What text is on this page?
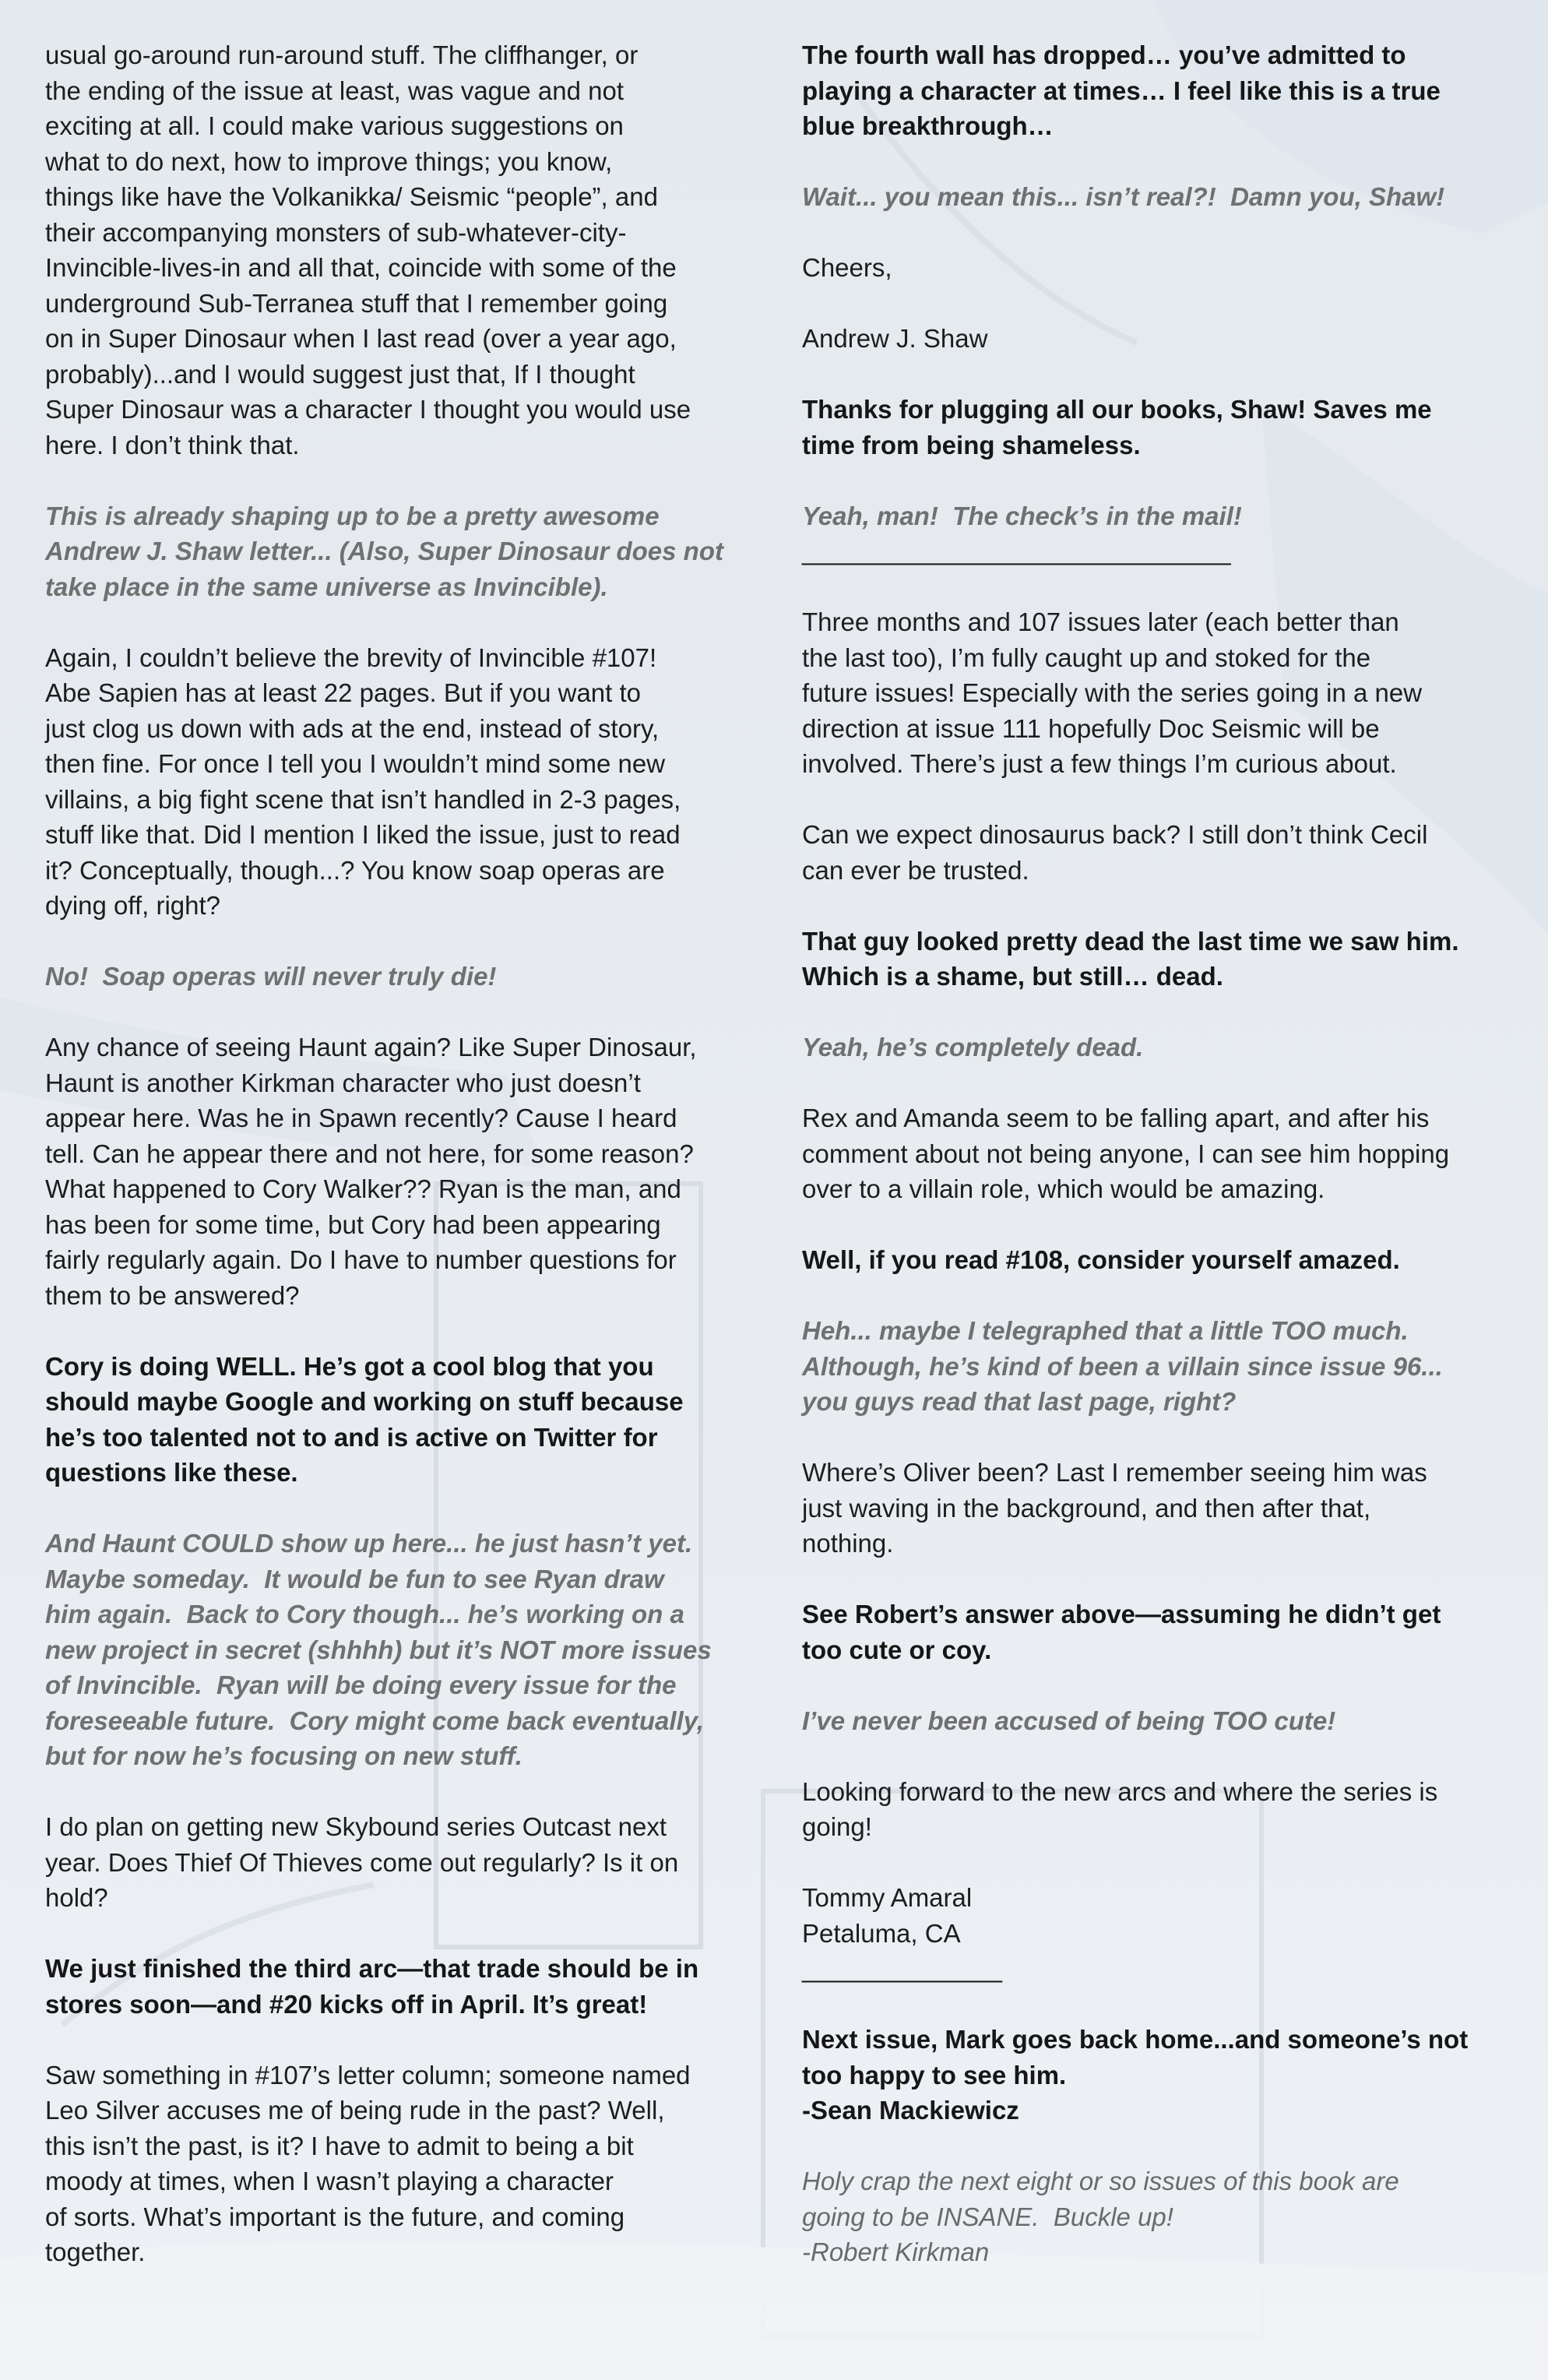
usual go-around run-around stuff. The cliffhanger, or
the ending of the issue at least, was vague and not
exciting at all. I could make various suggestions on
what to do next, how to improve things; you know,
things like have the Volkanikka/ Seismic “people”, and
their accompanying monsters of sub-whatever-city-
Invincible-lives-in and all that, coincide with some of the
underground Sub-Terranea stuff that I remember going
on in Super Dinosaur when I last read (over a year ago,
probably)...and I would suggest just that, If I thought
Super Dinosaur was a character I thought you would use
here. I don’t think that.

This is already shaping up to be a pretty awesome
Andrew J. Shaw letter... (Also, Super Dinosaur does not
take place in the same universe as Invincible).

Again, I couldn’t believe the brevity of Invincible #107!
Abe Sapien has at least 22 pages. But if you want to
just clog us down with ads at the end, instead of story,
then fine. For once I tell you I wouldn’t mind some new
villains, a big fight scene that isn’t handled in 2-3 pages,
stuff like that. Did I mention I liked the issue, just to read
it? Conceptually, though...? You know soap operas are
dying off, right?

No!  Soap operas will never truly die!

Any chance of seeing Haunt again? Like Super Dinosaur,
Haunt is another Kirkman character who just doesn’t
appear here. Was he in Spawn recently? Cause I heard
tell. Can he appear there and not here, for some reason?
What happened to Cory Walker?? Ryan is the man, and
has been for some time, but Cory had been appearing
fairly regularly again. Do I have to number questions for
them to be answered?

Cory is doing WELL. He’s got a cool blog that you
should maybe Google and working on stuff because
he’s too talented not to and is active on Twitter for
questions like these.

And Haunt COULD show up here... he just hasn’t yet.
Maybe someday.  It would be fun to see Ryan draw
him again.  Back to Cory though... he’s working on a
new project in secret (shhhh) but it’s NOT more issues
of Invincible.  Ryan will be doing every issue for the
foreseeable future.  Cory might come back eventually,
but for now he’s focusing on new stuff.

I do plan on getting new Skybound series Outcast next
year. Does Thief Of Thieves come out regularly? Is it on
hold?

We just finished the third arc—that trade should be in
stores soon—and #20 kicks off in April. It’s great!

Saw something in #107’s letter column; someone named
Leo Silver accuses me of being rude in the past? Well,
this isn’t the past, is it? I have to admit to being a bit
moody at times, when I wasn’t playing a character
of sorts. What’s important is the future, and coming
together.

The fourth wall has dropped… you’ve admitted to
playing a character at times… I feel like this is a true
blue breakthrough…

Wait... you mean this... isn’t real?!  Damn you, Shaw!

Cheers,

Andrew J. Shaw

Thanks for plugging all our books, Shaw! Saves me
time from being shameless.

Yeah, man!  The check’s in the mail!

______________________________

Three months and 107 issues later (each better than
the last too), I’m fully caught up and stoked for the
future issues! Especially with the series going in a new
direction at issue 111 hopefully Doc Seismic will be
involved. There’s just a few things I’m curious about.

Can we expect dinosaurus back? I still don’t think Cecil
can ever be trusted.

That guy looked pretty dead the last time we saw him.
Which is a shame, but still… dead.

Yeah, he’s completely dead.

Rex and Amanda seem to be falling apart, and after his
comment about not being anyone, I can see him hopping
over to a villain role, which would be amazing.

Well, if you read #108, consider yourself amazed.

Heh... maybe I telegraphed that a little TOO much.
Although, he’s kind of been a villain since issue 96...
you guys read that last page, right?

Where’s Oliver been? Last I remember seeing him was
just waving in the background, and then after that,
nothing.

See Robert’s answer above—assuming he didn’t get
too cute or coy.

I’ve never been accused of being TOO cute!

Looking forward to the new arcs and where the series is
going!

Tommy Amaral
Petaluma, CA

______________

Next issue, Mark goes back home...and someone’s not
too happy to see him.
-Sean Mackiewicz

Holy crap the next eight or so issues of this book are
going to be INSANE.  Buckle up!
-Robert Kirkman
